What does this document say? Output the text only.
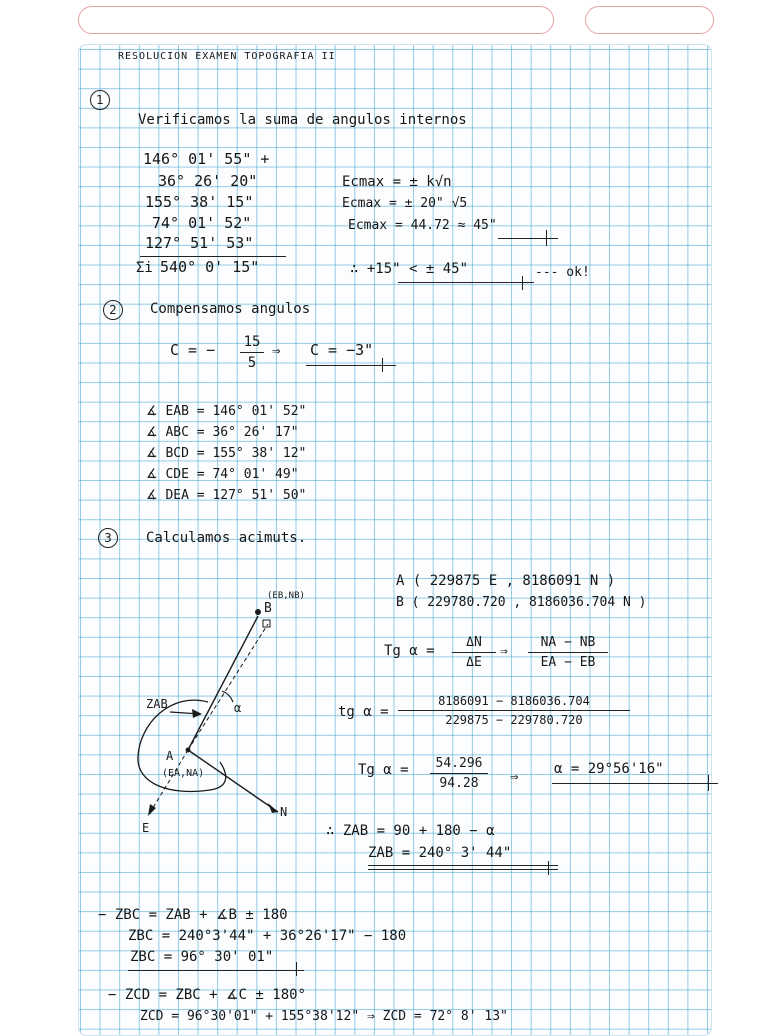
RESOLUCION EXAMEN TOPOGRAFIA II

1

Verificamos la suma de angulos internos

146° 01' 55" +

36° 26' 20"

155° 38' 15"

74° 01' 52"

127° 51' 53"

Σi 540° 0' 15"

Ecmax = ± k√n

Ecmax = ± 20" √5

Ecmax = 44.72 ≈ 45"

∴ +15" < ± 45"	--- ok!

2	Compensamos angulos

C = − 15
5

⇒ C = −3"

∡ EAB = 146° 01' 52"

∡ ABC = 36° 26' 17"

∡ BCD = 155° 38' 12"

∡ CDE = 74° 01' 49"

∡ DEA = 127° 51' 50"

3	Calculamos acimuts.

A ( 229875 E , 8186091 N )

B ( 229780.720 , 8186036.704 N )

B
(EB,NB)
A
(EA,NA)
ZAB	α
N
E

Tg α =

ΔN
ΔE

⇒

NA − NB
EA − EB

tg α =

8186091 − 8186036.704
229875 − 229780.720

Tg α =	54.296
94.28	⇒	α = 29°56'16"

∴ ZAB = 90 + 180 − α

ZAB = 240° 3' 44"

− ZBC = ZAB + ∡B ± 180

ZBC = 240°3'44" + 36°26'17" − 180

ZBC = 96° 30' 01"

− ZCD = ZBC + ∡C ± 180°

ZCD = 96°30'01" + 155°38'12" ⇒ ZCD = 72° 8' 13"
